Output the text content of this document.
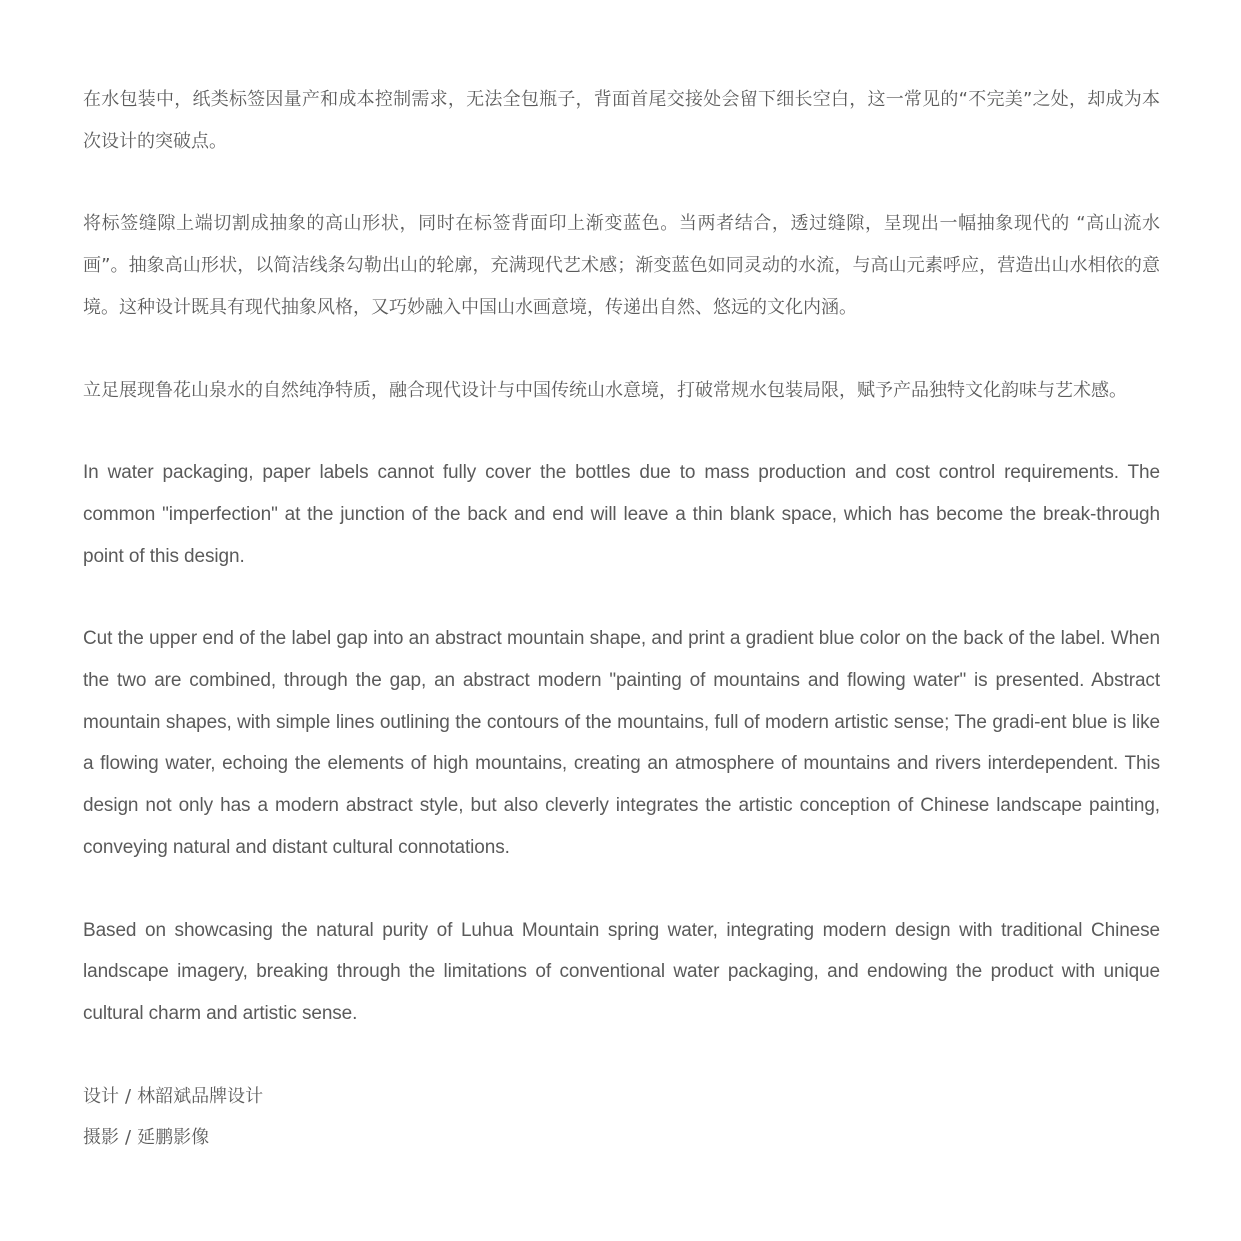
在水包装中，纸类标签因量产和成本控制需求，无法全包瓶子，背面首尾交接处会留下细长空白，这一常见的“不完美”之处，却成为本次设计的突破点。

将标签缝隙上端切割成抽象的高山形状，同时在标签背面印上渐变蓝色。当两者结合，透过缝隙，呈现出一幅抽象现代的 “高山流水画”。抽象高山形状，以简洁线条勾勒出山的轮廓，充满现代艺术感；渐变蓝色如同灵动的水流，与高山元素呼应，营造出山水相依的意境。这种设计既具有现代抽象风格，又巧妙融入中国山水画意境，传递出自然、悠远的文化内涵。

立足展现鲁花山泉水的自然纯净特质，融合现代设计与中国传统山水意境，打破常规水包装局限，赋予产品独特文化韵味与艺术感。

In water packaging, paper labels cannot fully cover the bottles due to mass production and cost control requirements. The common "imperfection" at the junction of the back and end will leave a thin blank space, which has become the break-through point of this design.

Cut the upper end of the label gap into an abstract mountain shape, and print a gradient blue color on the back of the label. When the two are combined, through the gap, an abstract modern "painting of mountains and flowing water" is presented. Abstract mountain shapes, with simple lines outlining the contours of the mountains, full of modern artistic sense; The gradi-ent blue is like a flowing water, echoing the elements of high mountains, creating an atmosphere of mountains and rivers interdependent. This design not only has a modern abstract style, but also cleverly integrates the artistic conception of Chinese landscape painting, conveying natural and distant cultural connotations.

Based on showcasing the natural purity of Luhua Mountain spring water, integrating modern design with traditional Chinese landscape imagery, breaking through the limitations of conventional water packaging, and endowing the product with unique cultural charm and artistic sense.

设计 / 林韶斌品牌设计
摄影 / 延鹏影像
